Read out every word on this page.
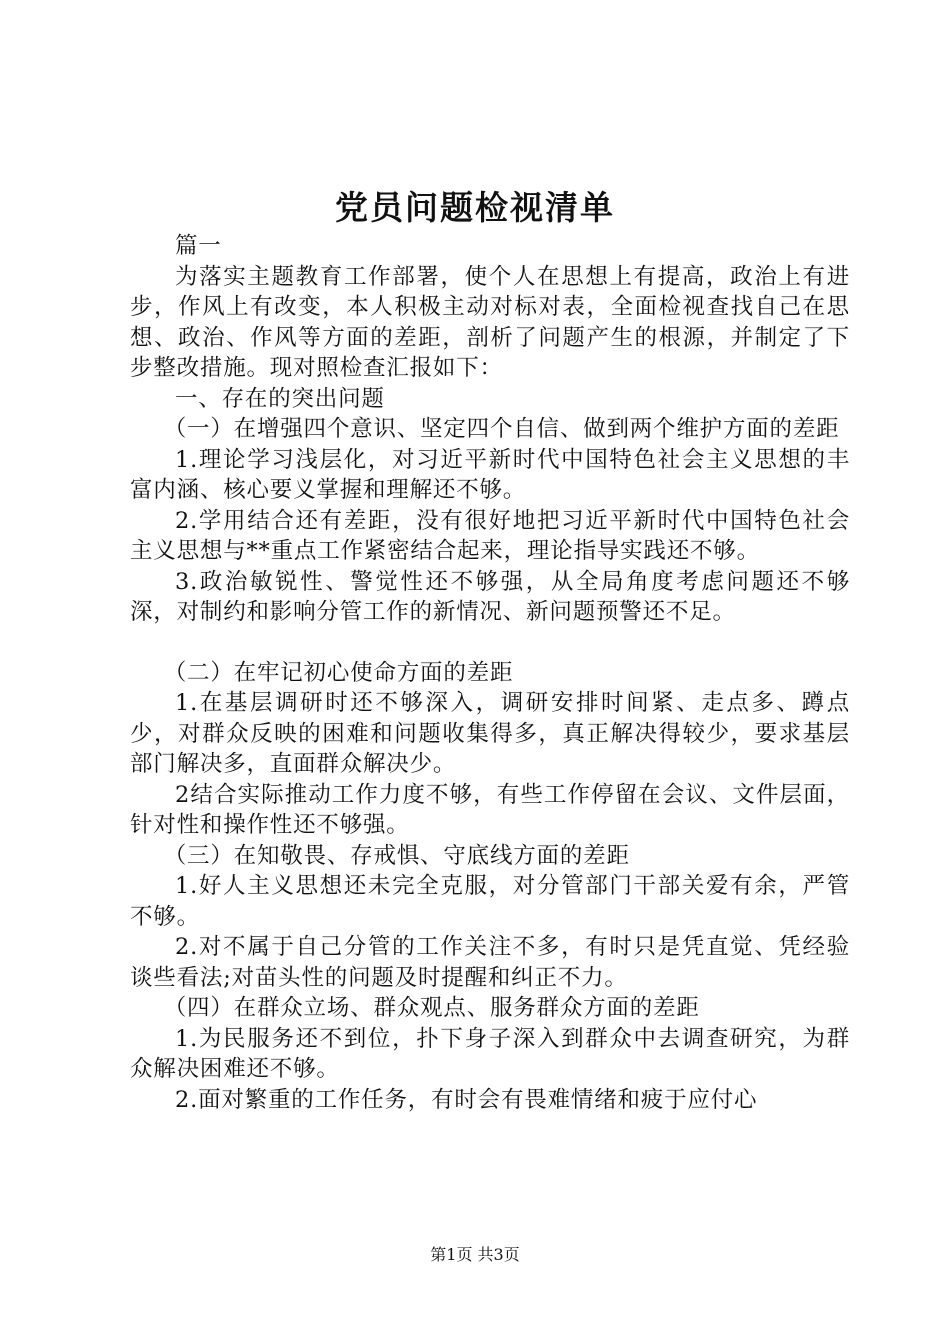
党员问题检视清单

篇一

为落实主题教育工作部署，使个人在思想上有提高，政治上有进步，作风上有改变，本人积极主动对标对表，全面检视查找自己在思想、政治、作风等方面的差距，剖析了问题产生的根源，并制定了下步整改措施。现对照检查汇报如下：

一、存在的突出问题

（一）在增强四个意识、坚定四个自信、做到两个维护方面的差距

1.理论学习浅层化，对习近平新时代中国特色社会主义思想的丰富内涵、核心要义掌握和理解还不够。

2.学用结合还有差距，没有很好地把习近平新时代中国特色社会主义思想与**重点工作紧密结合起来，理论指导实践还不够。

3.政治敏锐性、警觉性还不够强，从全局角度考虑问题还不够深，对制约和影响分管工作的新情况、新问题预警还不足。

（二）在牢记初心使命方面的差距

1.在基层调研时还不够深入，调研安排时间紧、走点多、蹲点少，对群众反映的困难和问题收集得多，真正解决得较少，要求基层部门解决多，直面群众解决少。

2结合实际推动工作力度不够，有些工作停留在会议、文件层面，针对性和操作性还不够强。

（三）在知敬畏、存戒惧、守底线方面的差距

1.好人主义思想还未完全克服，对分管部门干部关爱有余，严管不够。

2.对不属于自己分管的工作关注不多，有时只是凭直觉、凭经验谈些看法;对苗头性的问题及时提醒和纠正不力。

（四）在群众立场、群众观点、服务群众方面的差距

1.为民服务还不到位，扑下身子深入到群众中去调查研究，为群众解决困难还不够。

2.面对繁重的工作任务，有时会有畏难情绪和疲于应付心

第1页 共3页
